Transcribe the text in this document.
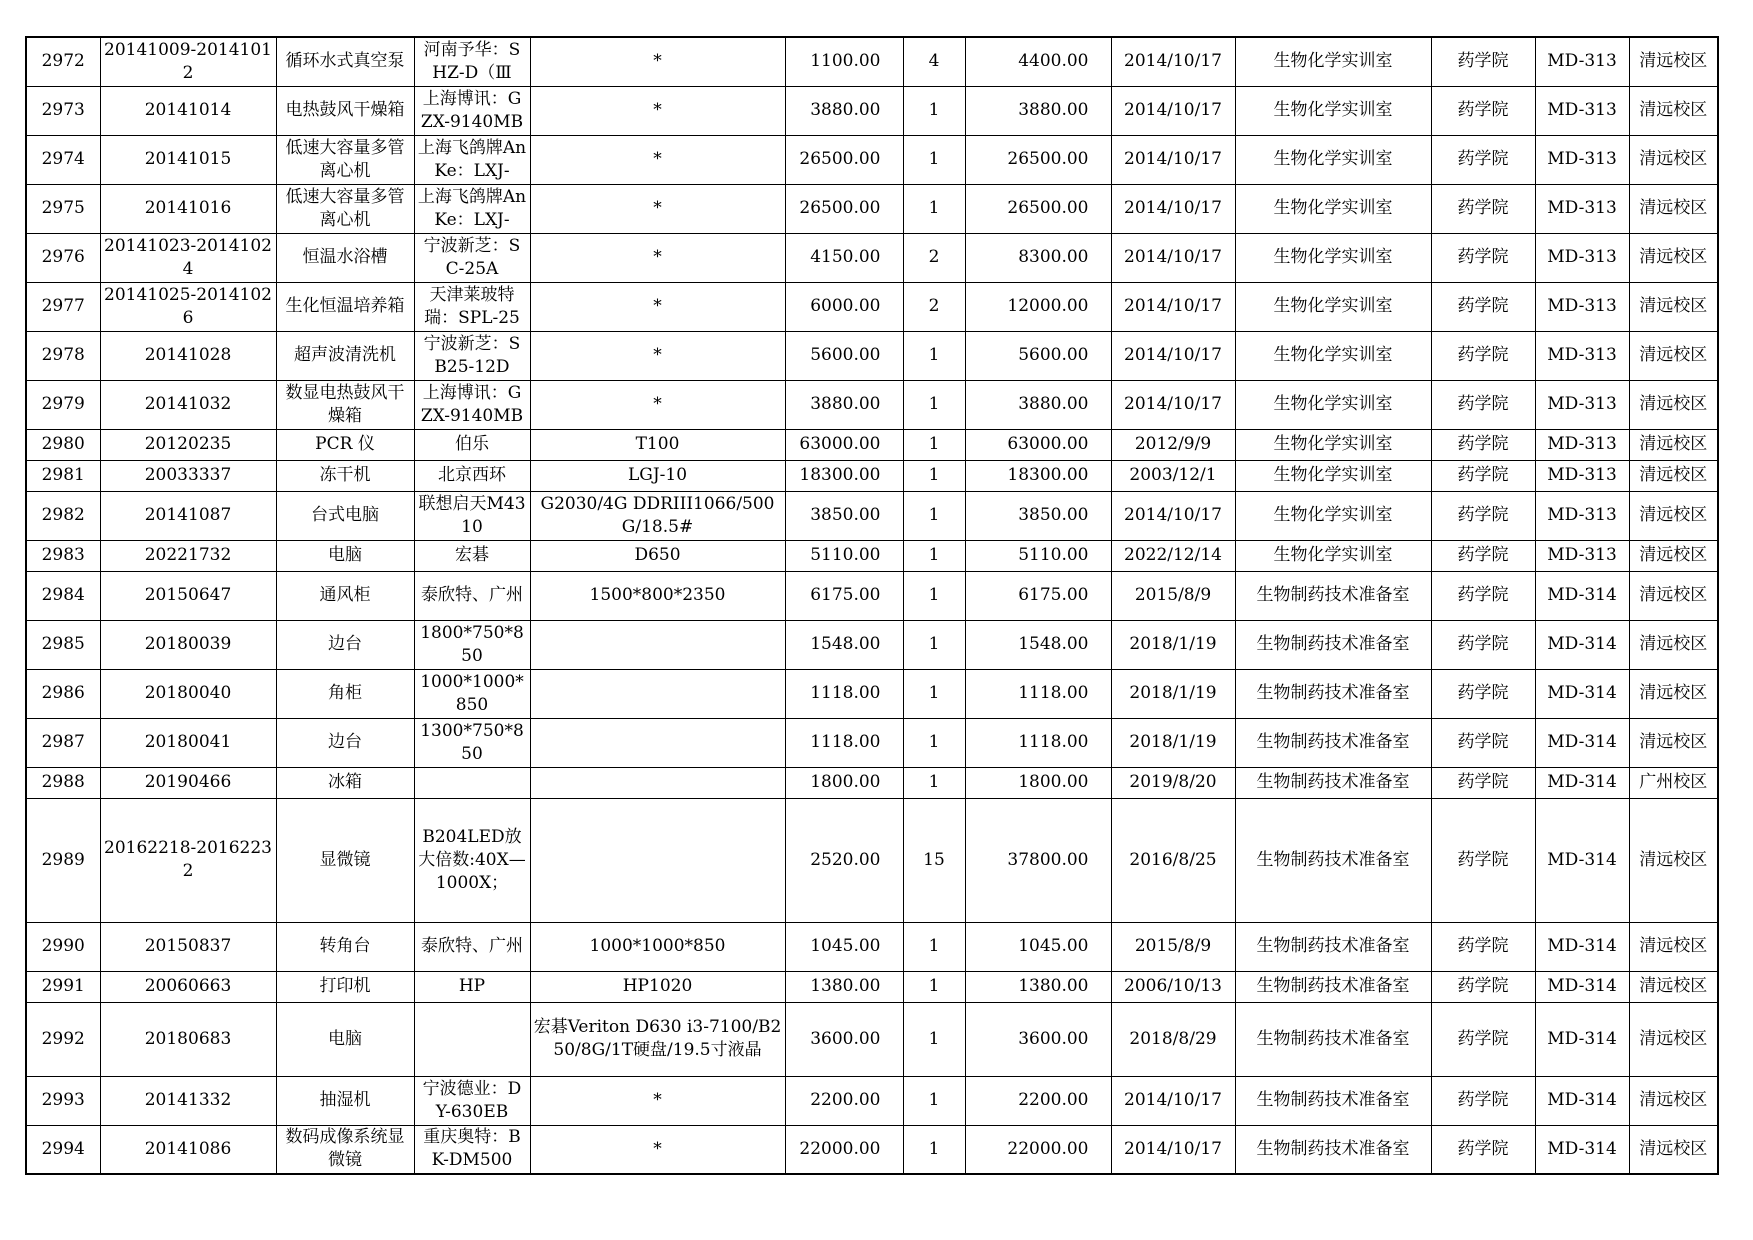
2972	20141009-20141012	循环水式真空泵	河南予华：SHZ-D（Ⅲ	*	1100.00	4	4400.00	2014/10/17	生物化学实训室	药学院	MD-313	清远校区
2973	20141014	电热鼓风干燥箱	上海博讯：GZX-9140MB	*	3880.00	1	3880.00	2014/10/17	生物化学实训室	药学院	MD-313	清远校区
2974	20141015	低速大容量多管离心机	上海飞鸽牌AnKe：LXJ-	*	26500.00	1	26500.00	2014/10/17	生物化学实训室	药学院	MD-313	清远校区
2975	20141016	低速大容量多管离心机	上海飞鸽牌AnKe：LXJ-	*	26500.00	1	26500.00	2014/10/17	生物化学实训室	药学院	MD-313	清远校区
2976	20141023-20141024	恒温水浴槽	宁波新芝：SC-25A	*	4150.00	2	8300.00	2014/10/17	生物化学实训室	药学院	MD-313	清远校区
2977	20141025-20141026	生化恒温培养箱	天津莱玻特瑞：SPL-25	*	6000.00	2	12000.00	2014/10/17	生物化学实训室	药学院	MD-313	清远校区
2978	20141028	超声波清洗机	宁波新芝：SB25-12D	*	5600.00	1	5600.00	2014/10/17	生物化学实训室	药学院	MD-313	清远校区
2979	20141032	数显电热鼓风干燥箱	上海博讯：GZX-9140MB	*	3880.00	1	3880.00	2014/10/17	生物化学实训室	药学院	MD-313	清远校区
2980	20120235	PCR 仪	伯乐	T100	63000.00	1	63000.00	2012/9/9	生物化学实训室	药学院	MD-313	清远校区
2981	20033337	冻干机	北京西环	LGJ-10	18300.00	1	18300.00	2003/12/1	生物化学实训室	药学院	MD-313	清远校区
2982	20141087	台式电脑	联想启天M4310	G2030/4G DDRIII1066/500G/18.5#	3850.00	1	3850.00	2014/10/17	生物化学实训室	药学院	MD-313	清远校区
2983	20221732	电脑	宏碁	D650	5110.00	1	5110.00	2022/12/14	生物化学实训室	药学院	MD-313	清远校区
2984	20150647	通风柜	泰欣特、广州	1500*800*2350	6175.00	1	6175.00	2015/8/9	生物制药技术准备室	药学院	MD-314	清远校区
2985	20180039	边台	1800*750*850		1548.00	1	1548.00	2018/1/19	生物制药技术准备室	药学院	MD-314	清远校区
2986	20180040	角柜	1000*1000*850		1118.00	1	1118.00	2018/1/19	生物制药技术准备室	药学院	MD-314	清远校区
2987	20180041	边台	1300*750*850		1118.00	1	1118.00	2018/1/19	生物制药技术准备室	药学院	MD-314	清远校区
2988	20190466	冰箱			1800.00	1	1800.00	2019/8/20	生物制药技术准备室	药学院	MD-314	广州校区
2989	20162218-20162232	显微镜	B204LED放大倍数:40X—1000X；		2520.00	15	37800.00	2016/8/25	生物制药技术准备室	药学院	MD-314	清远校区
2990	20150837	转角台	泰欣特、广州	1000*1000*850	1045.00	1	1045.00	2015/8/9	生物制药技术准备室	药学院	MD-314	清远校区
2991	20060663	打印机	HP	HP1020	1380.00	1	1380.00	2006/10/13	生物制药技术准备室	药学院	MD-314	清远校区
2992	20180683	电脑		宏碁Veriton D630 i3-7100/B250/8G/1T硬盘/19.5寸液晶	3600.00	1	3600.00	2018/8/29	生物制药技术准备室	药学院	MD-314	清远校区
2993	20141332	抽湿机	宁波德业：DY-630EB	*	2200.00	1	2200.00	2014/10/17	生物制药技术准备室	药学院	MD-314	清远校区
2994	20141086	数码成像系统显微镜	重庆奥特：BK-DM500	*	22000.00	1	22000.00	2014/10/17	生物制药技术准备室	药学院	MD-314	清远校区
